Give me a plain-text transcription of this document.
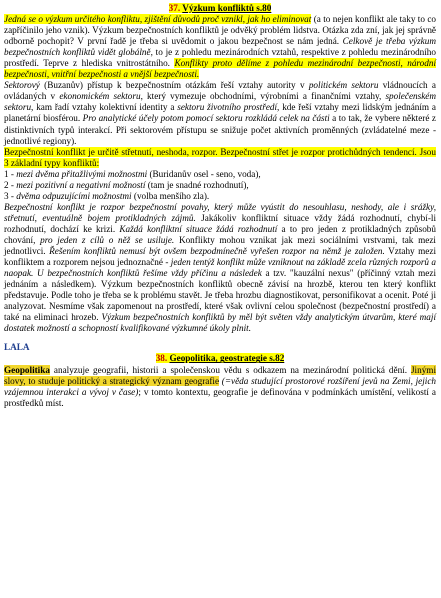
37. Výzkum konfliktů s.80

Jedná se o výzkum určitého konfliktu, zjištění důvodů proč vznikl, jak ho eliminovat (a to nejen konflikt ale taky to co zapříčinilo jeho vznik). Výzkum bezpečnostních konfliktů je odvěký problém lidstva. Otázka zda zní, jak jej správně odborně pochopit? V první řadě je třeba si uvědomit o jakou bezpečnost se nám jedná. Celkově je třeba výzkum bezpečnostních konfliktů vidět globálně, to je z pohledu mezinárodních vztahů, respektive z pohledu mezinárodního prostředí. Teprve z hlediska vnitrostátního. Konflikty proto dělíme z pohledu mezinárodní bezpečnosti, národní bezpečnosti, vnitřní bezpečnosti a vnější bezpečnosti.

Sektorový (Buzanův) přístup k bezpečnostním otázkám řeší vztahy autority v politickém sektoru vládnoucích a ovládaných v ekonomickém sektoru, který vymezuje obchodními, výrobními a finančními vztahy, společenském sektoru, kam řadí vztahy kolektivní identity a sektoru životního prostředí, kde řeší vztahy mezi lidským jednáním a planetární biosférou. Pro analytické účely potom pomocí sektoru rozkládá celek na části a to tak, že vybere některé z distinktivních typů interakcí. Při sektorovém přístupu se snižuje počet aktivních proměnných (zvládatelné meze - jednotlivé regiony).

Bezpečnostní konflikt je určitě střetnutí, neshoda, rozpor. Bezpečnostní střet je rozpor protichůdných tendencí. Jsou 3 základní typy konfliktů:

1 - mezi dvěma přitažlivými možnostmi (Buridanův osel - seno, voda),

2 - mezi pozitivní a negativní možností (tam je snadné rozhodnutí),

3 - dvěma odpuzujícími možnostmi (volba menšího zla).

Bezpečnostní konflikt je rozpor bezpečnostní povahy, který může vyústit do nesouhlasu, neshody, ale i srážky, střetnutí, eventuálně bojem protikladných zájmů. Jakákoliv konfliktní situace vždy žádá rozhodnutí, chybí-li rozhodnutí, dochází ke krizi. Každá konfliktní situace žádá rozhodnutí a to pro jeden z protikladných způsobů chování, pro jeden z cílů o něž se usiluje. Konflikty mohou vznikat jak mezi sociálními vrstvami, tak mezi jednotlivci. Řešením konfliktů nemusí být ovšem bezpodmínečně vyřešen rozpor na němž je založen. Vztahy mezi konfliktem a rozporem nejsou jednoznačné - jeden tentýž konflikt může vzniknout na základě zcela různých rozporů a naopak. U bezpečnostních konfliktů řešíme vždy příčinu a následek a tzv. "kauzální nexus" (příčinný vztah mezi jednáním a následkem). Výzkum bezpečnostních konfliktů obecně závisí na hrozbě, kterou ten který konflikt představuje. Podle toho je třeba se k problému stavět. Je třeba hrozbu diagnostikovat, personifikovat a ocenit. Poté ji analyzovat. Nesmíme však zapomenout na prostředí, které však ovlivní celou společnost (bezpečnostní prostředí) a také na eliminaci hrozeb. Výzkum bezpečnostních konfliktů by měl být světen vždy analytickým útvarům, které mají dostatek možností a schopností kvalifikované výzkumné úkoly plnit.

LALA

38. Geopolitika, geostrategie s.82

Geopolitika analyzuje geografii, historii a společenskou vědu s odkazem na mezinárodní politická dění. Jinými slovy, to studuje politický a strategický význam geografie (=věda studující prostorové rozšíření jevů na Zemi, jejich vzájemnou interakci a vývoj v čase); v tomto kontextu, geografie je definována v podmínkách umístění, velikostí a prostředků míst.
